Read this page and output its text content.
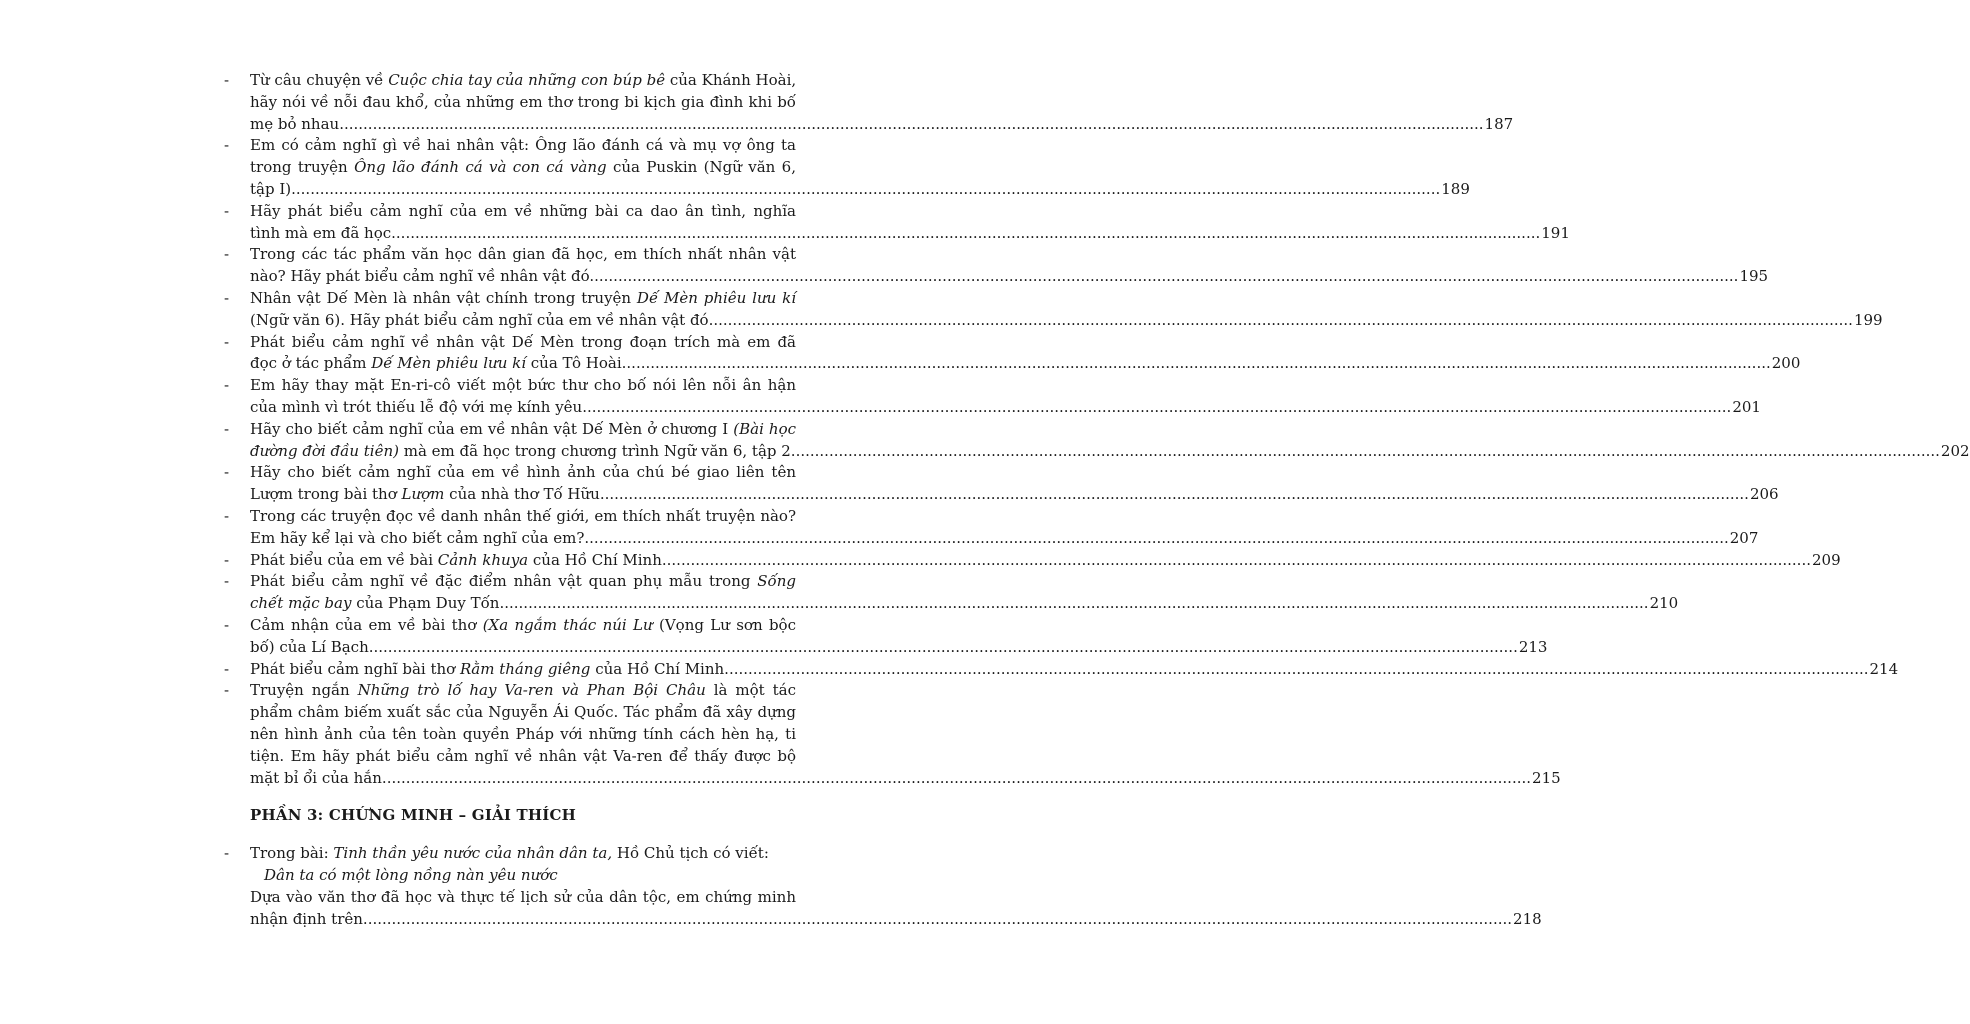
-	Từ câu chuyện về Cuộc chia tay của những con búp bê của Khánh Hoài,
hãy nói về nỗi đau khổ, của những em thơ trong bi kịch gia đình khi bố
mẹ bỏ nhau .....	187
-	Em có cảm nghĩ gì về hai nhân vật: Ông lão đánh cá và mụ vợ ông ta
trong truyện Ông lão đánh cá và con cá vàng của Puskin (Ngữ văn 6,
tập I). .....	189
-	Hãy phát biểu cảm nghĩ của em về những bài ca dao ân tình, nghĩa
tình mà em đã học. .....	191
-	Trong các tác phẩm văn học dân gian đã học, em thích nhất nhân vật
nào? Hãy phát biểu cảm nghĩ về nhân vật đó. .....	195
-	Nhân vật Dế Mèn là nhân vật chính trong truyện Dế Mèn phiêu lưu kí
(Ngữ văn 6). Hãy phát biểu cảm nghĩ của em về nhân vật đó .....	199
-	Phát biểu cảm nghĩ về nhân vật Dế Mèn trong đoạn trích mà em đã
đọc ở tác phẩm Dế Mèn phiêu lưu kí của Tô Hoài. .....	200
-	Em hãy thay mặt En-ri-cô viết một bức thư cho bố nói lên nỗi ân hận
của mình vì trót thiếu lễ độ với mẹ kính yêu. .....	201
-	Hãy cho biết cảm nghĩ của em về nhân vật Dế Mèn ở chương I (Bài học
đường đời đầu tiên) mà em đã học trong chương trình Ngữ văn 6, tập 2. .....	202
-	Hãy cho biết cảm nghĩ của em về hình ảnh của chú bé giao liên tên
Lượm trong bài thơ Lượm của nhà thơ Tố Hữu. .....	206
-	Trong các truyện đọc về danh nhân thế giới, em thích nhất truyện nào?
Em hãy kể lại và cho biết cảm nghĩ của em? .....	207
-	Phát biểu của em về bài Cảnh khuya của Hồ Chí Minh. .....	209
-	Phát biểu cảm nghĩ về đặc điểm nhân vật quan phụ mẫu trong Sống
chết mặc bay của Phạm Duy Tốn. .....	210
-	Cảm nhận của em về bài thơ (Xa ngắm thác núi Lư (Vọng Lư sơn bộc
bố) của Lí Bạch. .....	213
-	Phát biểu cảm nghĩ bài thơ Rằm tháng giêng của Hồ Chí Minh .....	214
-	Truyện ngắn Những trò lố hay Va-ren và Phan Bội Châu là một tác
phẩm châm biếm xuất sắc của Nguyễn Ái Quốc. Tác phẩm đã xây dựng
nên hình ảnh của tên toàn quyền Pháp với những tính cách hèn hạ, ti
tiện. Em hãy phát biểu cảm nghĩ về nhân vật Va-ren để thấy được bộ
mặt bỉ ổi của hắn. .....	215
PHẦN 3: CHỨNG MINH – GIẢI THÍCH
-	Trong bài: Tinh thần yêu nước của nhân dân ta, Hồ Chủ tịch có viết:
Dân ta có một lòng nồng nàn yêu nước
Dựa vào văn thơ đã học và thực tế lịch sử của dân tộc, em chứng minh
nhận định trên. .....	218
